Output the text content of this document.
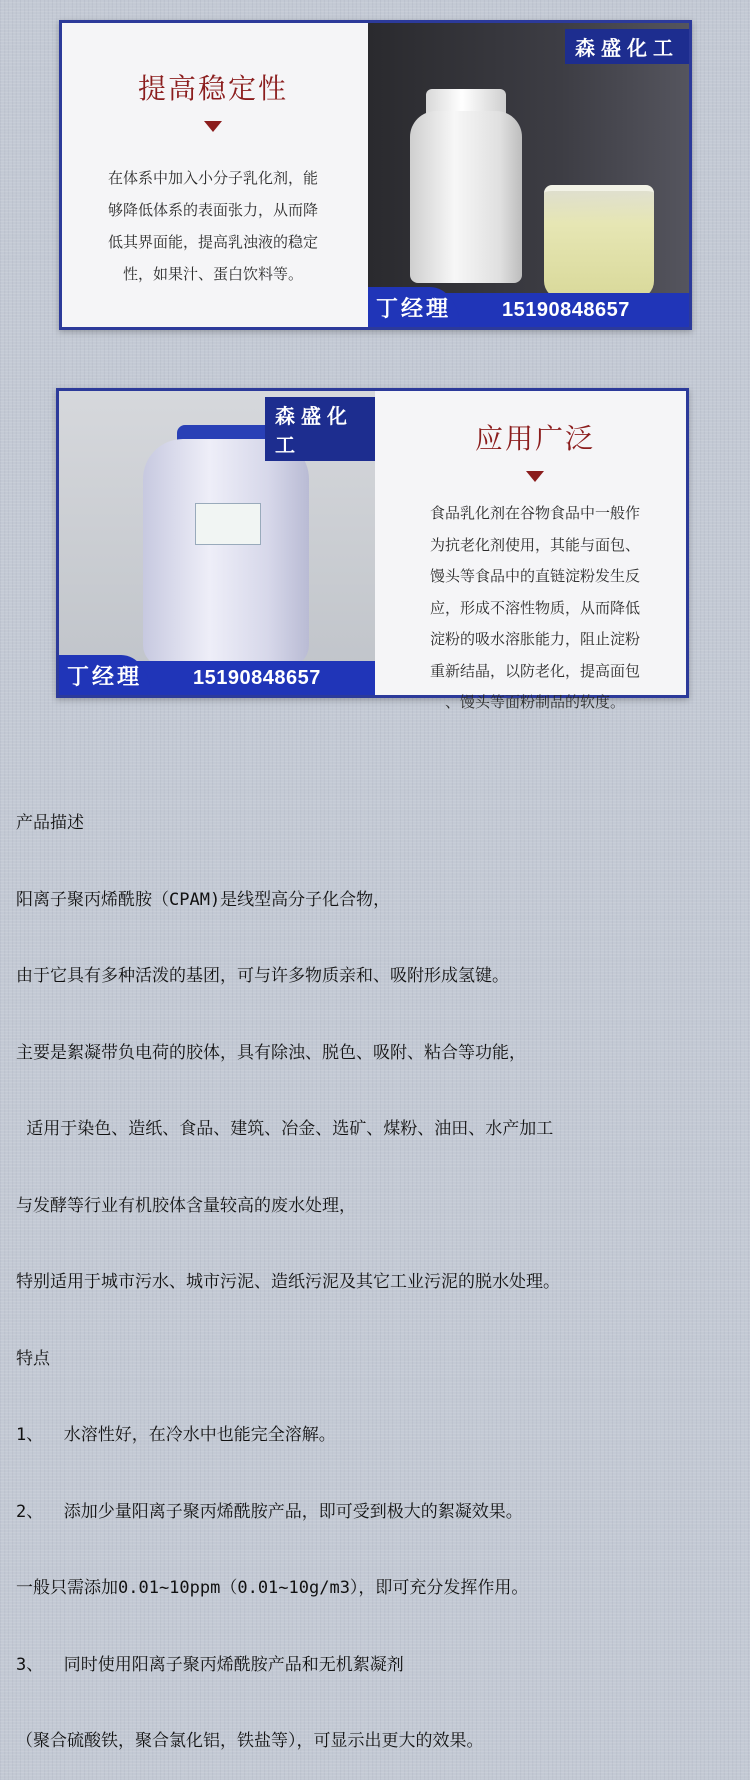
提高稳定性
在体系中加入小分子乳化剂，能
够降低体系的表面张力，从而降
低其界面能，提高乳浊液的稳定
性，如果汁、蛋白饮料等。
森盛化工
丁经理	15190848657
森盛化工
丁经理	15190848657
应用广泛
食品乳化剂在谷物食品中一般作
为抗老化剂使用，其能与面包、
馒头等食品中的直链淀粉发生反
应，形成不溶性物质，从而降低
淀粉的吸水溶胀能力，阻止淀粉
重新结晶，以防老化，提高面包
、馒头等面粉制品的软度。

产品描述

阳离子聚丙烯酰胺（CPAM)是线型高分子化合物，

由于它具有多种活泼的基团，可与许多物质亲和、吸附形成氢键。

主要是絮凝带负电荷的胶体，具有除浊、脱色、吸附、粘合等功能，

适用于染色、造纸、食品、建筑、冶金、选矿、煤粉、油田、水产加工

与发酵等行业有机胶体含量较高的废水处理，

特别适用于城市污水、城市污泥、造纸污泥及其它工业污泥的脱水处理。

特点

1、  水溶性好，在冷水中也能完全溶解。

2、  添加少量阳离子聚丙烯酰胺产品，即可受到极大的絮凝效果。

一般只需添加0.01~10ppm（0.01~10g/m3），即可充分发挥作用。

3、  同时使用阳离子聚丙烯酰胺产品和无机絮凝剂

（聚合硫酸铁，聚合氯化铝，铁盐等），可显示出更大的效果。
